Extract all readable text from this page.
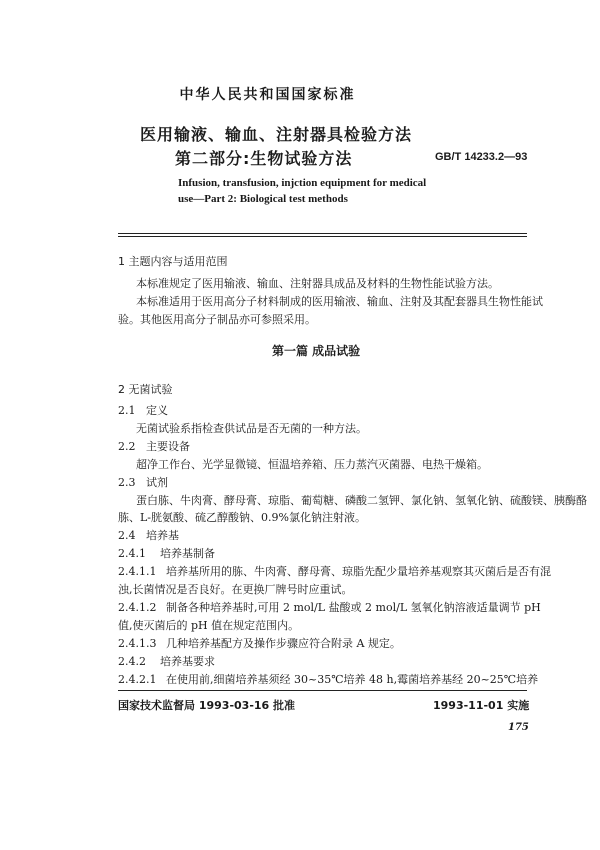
中华人民共和国国家标准
医用输液、输血、注射器具检验方法
第二部分:生物试验方法	GB/T 14233.2—93
Infusion, transfusion, injction equipment for medical
use—Part 2: Biological test methods
1 主题内容与适用范围
本标准规定了医用输液、输血、注射器具成品及材料的生物性能试验方法。
本标准适用于医用高分子材料制成的医用输液、输血、注射及其配套器具生物性能试
验。其他医用高分子制品亦可参照采用。
第一篇 成品试验
2 无菌试验
2.1 定义
无菌试验系指检查供试品是否无菌的一种方法。
2.2 主要设备
超净工作台、光学显微镜、恒温培养箱、压力蒸汽灭菌器、电热干燥箱。
2.3 试剂
蛋白胨、牛肉膏、酵母膏、琼脂、葡萄糖、磷酸二氢钾、氯化钠、氢氧化钠、硫酸镁、胰酶酪
胨、L-胱氨酸、硫乙醇酸钠、0.9%氯化钠注射液。
2.4 培养基
2.4.1 培养基制备
2.4.1.1 培养基所用的胨、牛肉膏、酵母膏、琼脂先配少量培养基观察其灭菌后是否有混
浊,长菌情况是否良好。在更换厂牌号时应重试。
2.4.1.2 制备各种培养基时,可用 2 mol/L 盐酸或 2 mol/L 氢氧化钠溶液适量调节 pH
值,使灭菌后的 pH 值在规定范围内。
2.4.1.3 几种培养基配方及操作步骤应符合附录 A 规定。
2.4.2 培养基要求
2.4.2.1 在使用前,细菌培养基须经 30~35℃培养 48 h,霉菌培养基经 20~25℃培养
国家技术监督局 1993-03-16 批准	1993-11-01 实施
175
